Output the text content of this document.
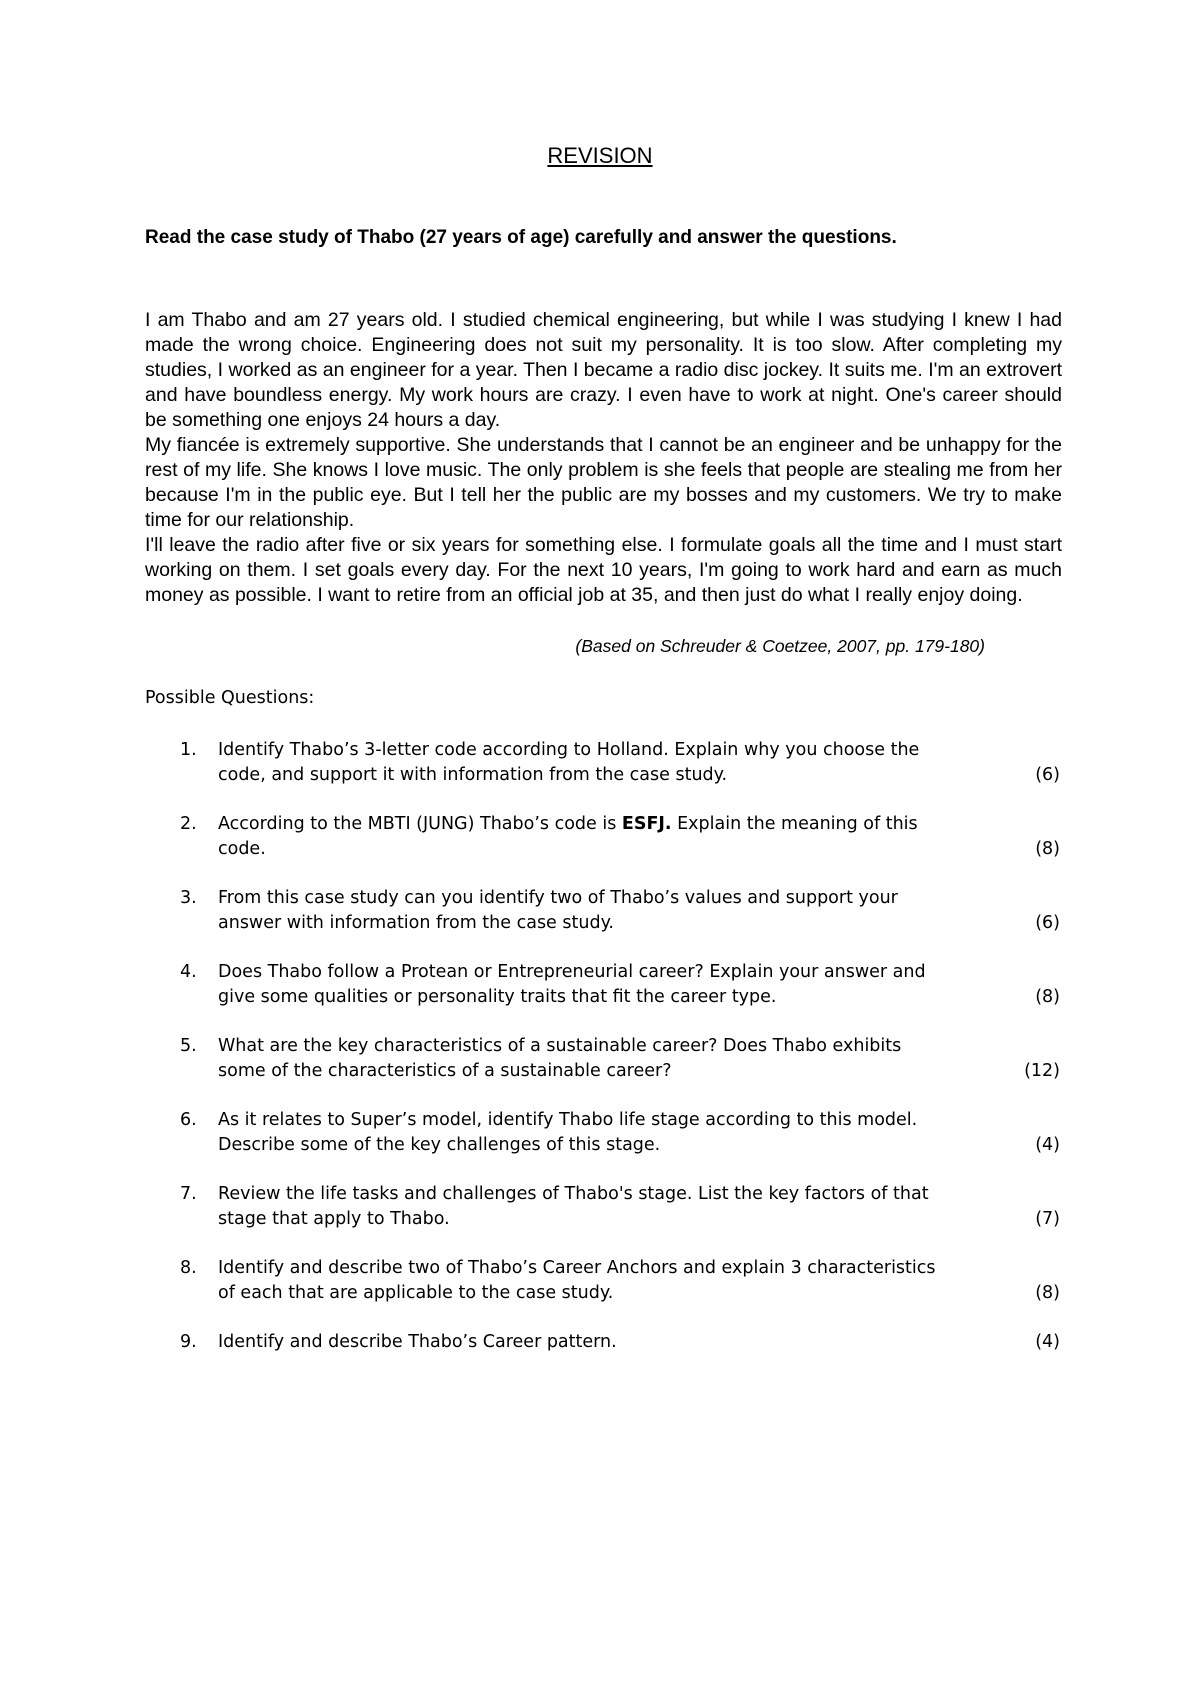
REVISION
Read the case study of Thabo (27 years of age) carefully and answer the questions.

I am Thabo and am 27 years old. I studied chemical engineering, but while I was studying I knew I had made the wrong choice. Engineering does not suit my personality. It is too slow. After completing my studies, I worked as an engineer for a year. Then I became a radio disc jockey. It suits me. I'm an extrovert and have boundless energy. My work hours are crazy. I even have to work at night. One's career should be something one enjoys 24 hours a day.

My fiancée is extremely supportive. She understands that I cannot be an engineer and be unhappy for the rest of my life. She knows I love music. The only problem is she feels that people are stealing me from her because I'm in the public eye. But I tell her the public are my bosses and my customers. We try to make time for our relationship.

I'll leave the radio after five or six years for something else. I formulate goals all the time and I must start working on them. I set goals every day. For the next 10 years, I'm going to work hard and earn as much money as possible. I want to retire from an official job at 35, and then just do what I really enjoy doing.

(Based on Schreuder & Coetzee, 2007, pp. 179-180)
Possible Questions:
1.	Identify Thabo’s 3-letter code according to Holland. Explain why you choose the
code, and support it with information from the case study.	(6)
2.	According to the MBTI (JUNG) Thabo’s code is ESFJ. Explain the meaning of this
code.	(8)
3.	From this case study can you identify two of Thabo’s values and support your
answer with information from the case study.	(6)
4.	Does Thabo follow a Protean or Entrepreneurial career? Explain your answer and
give some qualities or personality traits that fit the career type.	(8)
5.	What are the key characteristics of a sustainable career? Does Thabo exhibits
some of the characteristics of a sustainable career?	(12)
6.	As it relates to Super’s model, identify Thabo life stage according to this model.
Describe some of the key challenges of this stage.	(4)
7.	Review the life tasks and challenges of Thabo's stage. List the key factors of that
stage that apply to Thabo.	(7)
8.	Identify and describe two of Thabo’s Career Anchors and explain 3 characteristics
of each that are applicable to the case study.	(8)
9.	Identify and describe Thabo’s Career pattern.	(4)
